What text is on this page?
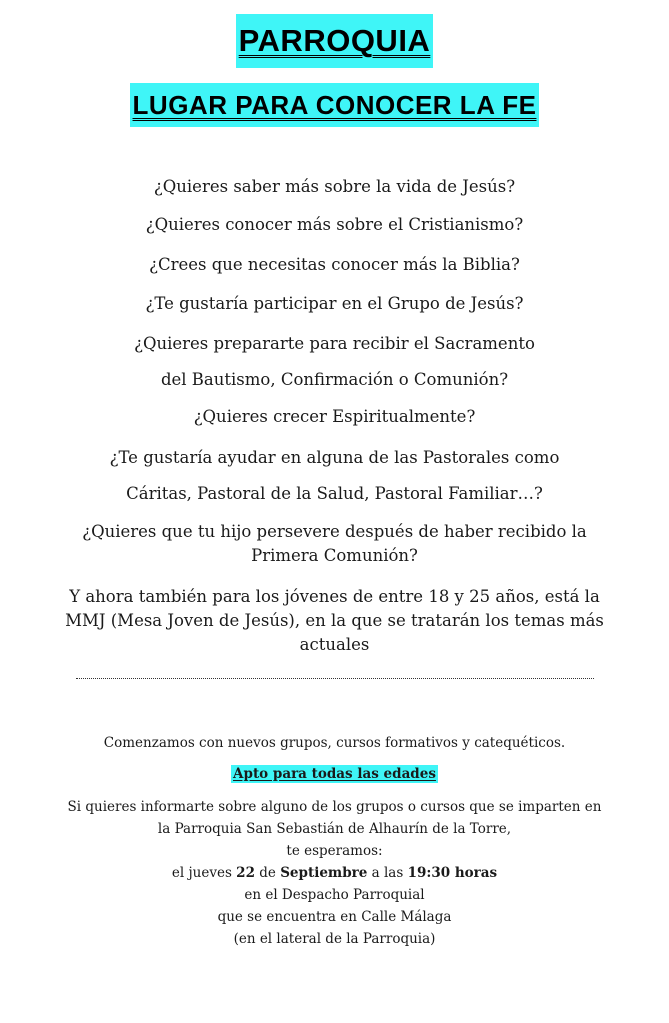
PARROQUIA
LUGAR PARA CONOCER LA FE
¿Quieres saber más sobre la vida de Jesús?
¿Quieres conocer más sobre el Cristianismo?
¿Crees que necesitas conocer más la Biblia?
¿Te gustaría participar en el Grupo de Jesús?
¿Quieres prepararte para recibir el Sacramento
del Bautismo, Confirmación o Comunión?
¿Quieres crecer Espiritualmente?
¿Te gustaría ayudar en alguna de las Pastorales como
Cáritas, Pastoral de la Salud, Pastoral Familiar…?
¿Quieres que tu hijo persevere después de haber recibido la
Primera Comunión?
Y ahora también para los jóvenes de entre 18 y 25 años, está la
MMJ (Mesa Joven de Jesús), en la que se tratarán los temas más
actuales
Comenzamos con nuevos grupos, cursos formativos y catequéticos.
Apto para todas las edades
Si quieres informarte sobre alguno de los grupos o cursos que se imparten en
la Parroquia San Sebastián de Alhaurín de la Torre,
te esperamos:
el jueves 22 de Septiembre a las 19:30 horas
en el Despacho Parroquial
que se encuentra en Calle Málaga
(en el lateral de la Parroquia)
